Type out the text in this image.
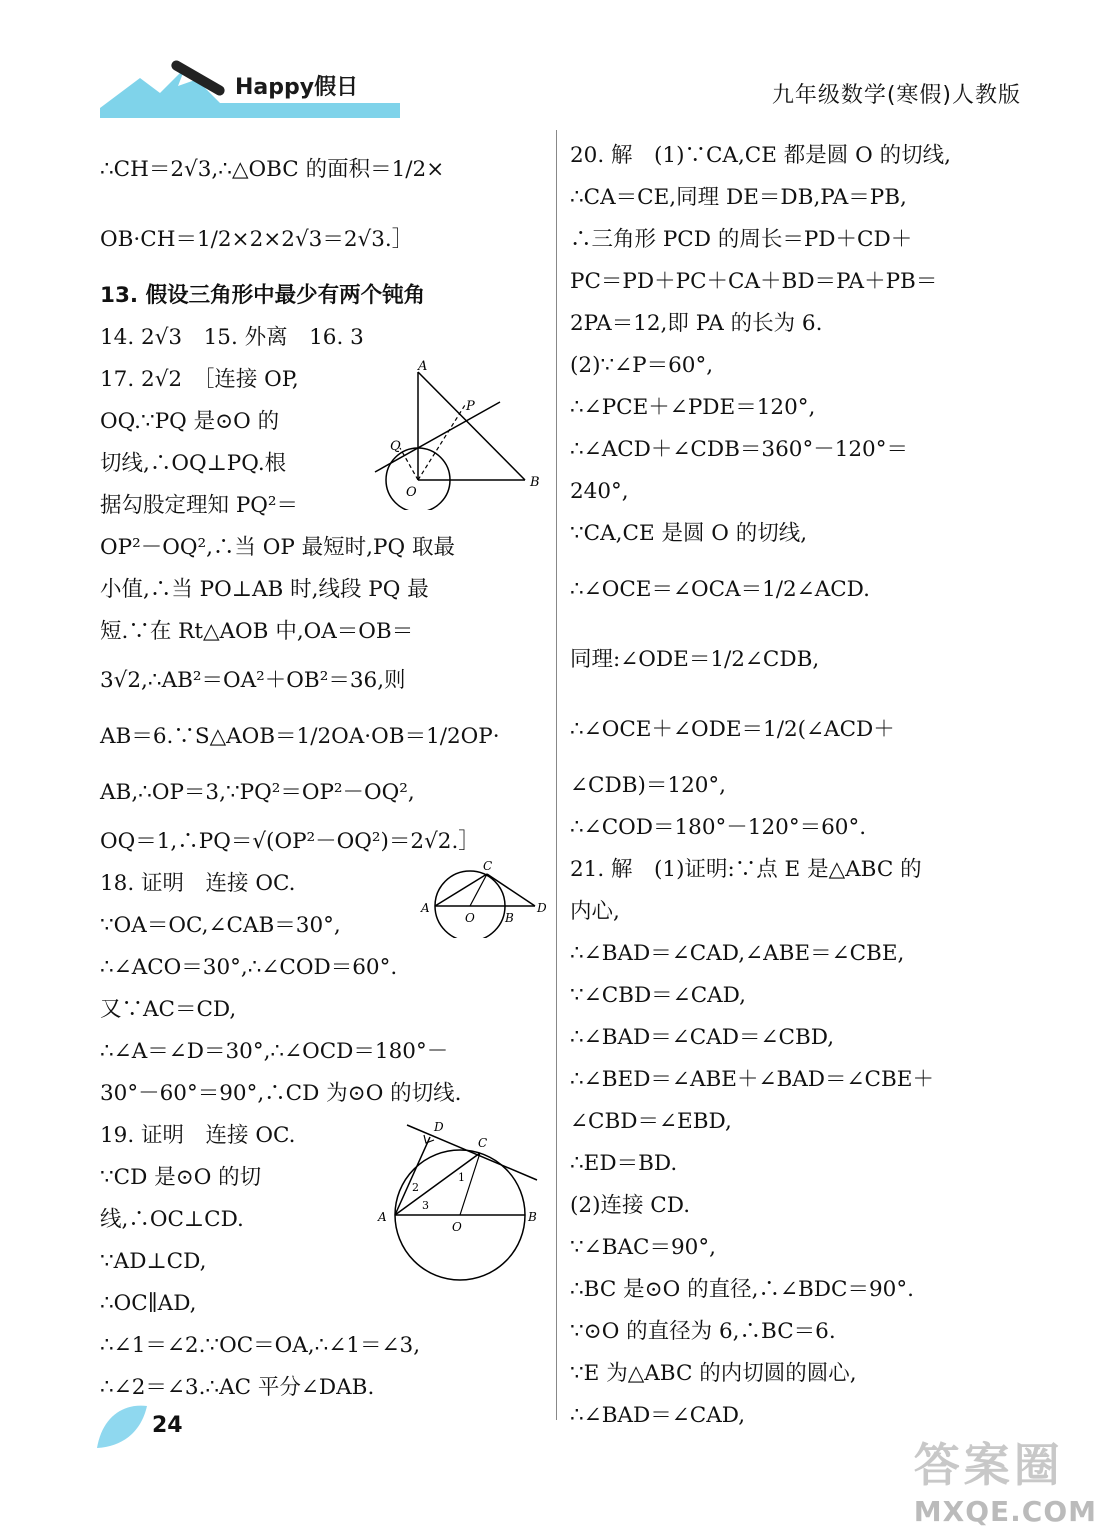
Happy假日	九年级数学(寒假)人教版
∴CH＝2√3,∴△OBC 的面积＝1/2×
OB·CH＝1/2×2×2√3＝2√3.］
13. 假设三角形中最少有两个钝角
14. 2√3　15. 外离　16. 3
17. 2√2　［连接 OP,
OQ.∵PQ 是⊙O 的
切线,∴OQ⊥PQ.根
据勾股定理知 PQ²＝
OP²－OQ²,∴当 OP 最短时,PQ 取最
小值,∴当 PO⊥AB 时,线段 PQ 最
短.∵在 Rt△AOB 中,OA＝OB＝
3√2,∴AB²＝OA²＋OB²＝36,则
AB＝6.∵S△AOB＝1/2OA·OB＝1/2OP·
AB,∴OP＝3,∵PQ²＝OP²－OQ²,
OQ＝1,∴PQ＝√(OP²－OQ²)＝2√2.］
18. 证明　连接 OC.
∵OA＝OC,∠CAB＝30°,
∴∠ACO＝30°,∴∠COD＝60°.
又∵AC＝CD,
∴∠A＝∠D＝30°,∴∠OCD＝180°－
30°－60°＝90°,∴CD 为⊙O 的切线.
19. 证明　连接 OC.
∵CD 是⊙O 的切
线,∴OC⊥CD.
∵AD⊥CD,
∴OC∥AD,
∴∠1＝∠2.∵OC＝OA,∴∠1＝∠3,
∴∠2＝∠3.∴AC 平分∠DAB.
20. 解　(1)∵CA,CE 都是圆 O 的切线,
∴CA＝CE,同理 DE＝DB,PA＝PB,
∴三角形 PCD 的周长＝PD＋CD＋
PC＝PD＋PC＋CA＋BD＝PA＋PB＝
2PA＝12,即 PA 的长为 6.
(2)∵∠P＝60°,
∴∠PCE＋∠PDE＝120°,
∴∠ACD＋∠CDB＝360°－120°＝
240°,
∵CA,CE 是圆 O 的切线,
∴∠OCE＝∠OCA＝1/2∠ACD.
同理:∠ODE＝1/2∠CDB,
∴∠OCE＋∠ODE＝1/2(∠ACD＋
∠CDB)＝120°,
∴∠COD＝180°－120°＝60°.
21. 解　(1)证明:∵点 E 是△ABC 的
内心,
∴∠BAD＝∠CAD,∠ABE＝∠CBE,
∵∠CBD＝∠CAD,
∴∠BAD＝∠CAD＝∠CBD,
∴∠BED＝∠ABE＋∠BAD＝∠CBE＋
∠CBD＝∠EBD,
∴ED＝BD.
(2)连接 CD.
∵∠BAC＝90°,
∴BC 是⊙O 的直径,∴∠BDC＝90°.
∵⊙O 的直径为 6,∴BC＝6.
∵E 为△ABC 的内切圆的圆心,
∴∠BAD＝∠CAD,
A
P
Q
O
B
C
A
O	B
D
D
C
2
1
3
A
O
B
24
答案圈
MXQE.COM
